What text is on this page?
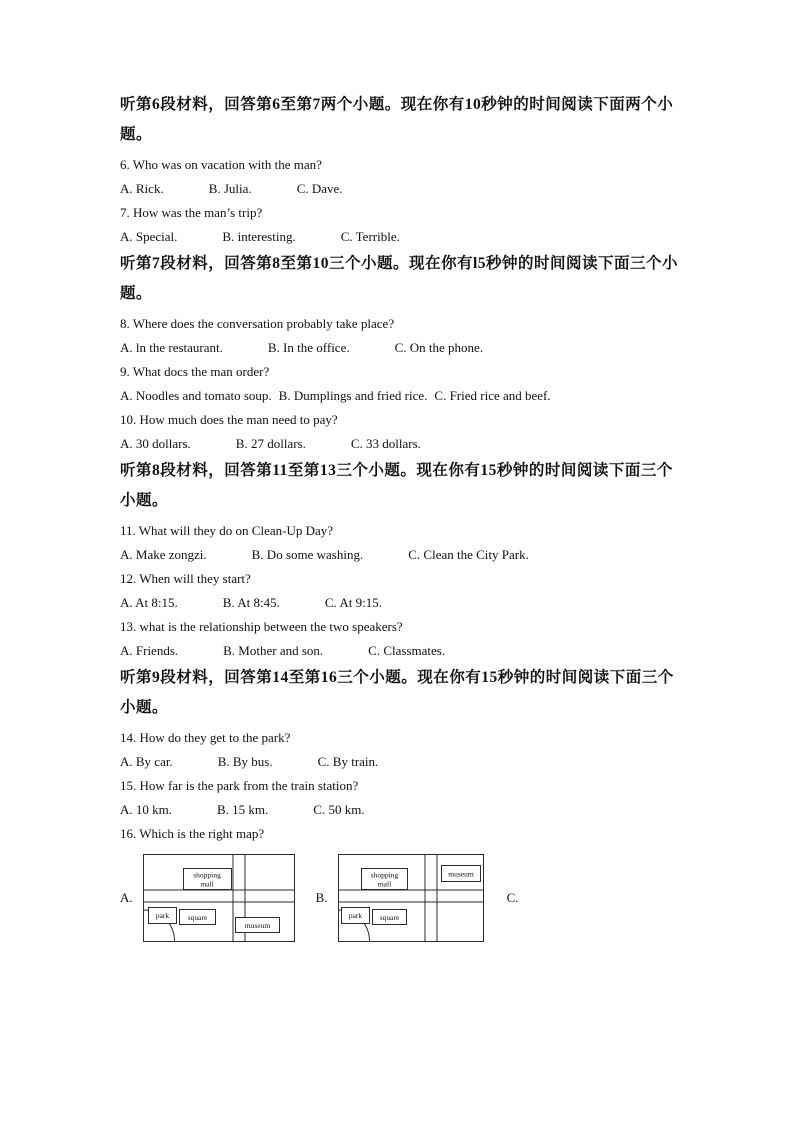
听第6段材料，回答第6至第7两个小题。现在你有10秒钟的时间阅读下面两个小题。

6. Who was on vacation with the man?

A. Rick.	B. Julia.	C. Dave.

7. How was the man’s trip?

A. Special.	B. interesting.	C. Terrible.

听第7段材料，回答第8至第10三个小题。现在你有l5秒钟的时间阅读下面三个小题。

8. Where does the conversation probably take place?

A. ln the restaurant.	B. In the office.	C. On the phone.

9. What docs the man order?

A. Noodles and tomato soup. B. Dumplings and fried rice. C. Fried rice and beef.

10. How much does the man need to pay?

A. 30 dollars.	B. 27 dollars.	C. 33 dollars.

听第8段材料，回答第11至第13三个小题。现在你有15秒钟的时间阅读下面三个小题。

11. What will they do on Clean-Up Day?

A. Make zongzi.	B. Do some washing.	C. Clean the City Park.

12. When will they start?

A. At 8:15.	B. At 8:45.	C. At 9:15.

13. what is the relationship between the two speakers?

A. Friends.	B. Mother and son.	C. Classmates.

听第9段材料，回答第14至第16三个小题。现在你有15秒钟的时间阅读下面三个小题。

14. How do they get to the park?

A. By car.	B. By bus.	C. By train.

15. How far is the park from the train station?

A. 10 km.	B. 15 km.	C. 50 km.

16. Which is the right map?

A.
shopping
mall
park square
museum
B.
shopping
mall
museum
park square
C.
